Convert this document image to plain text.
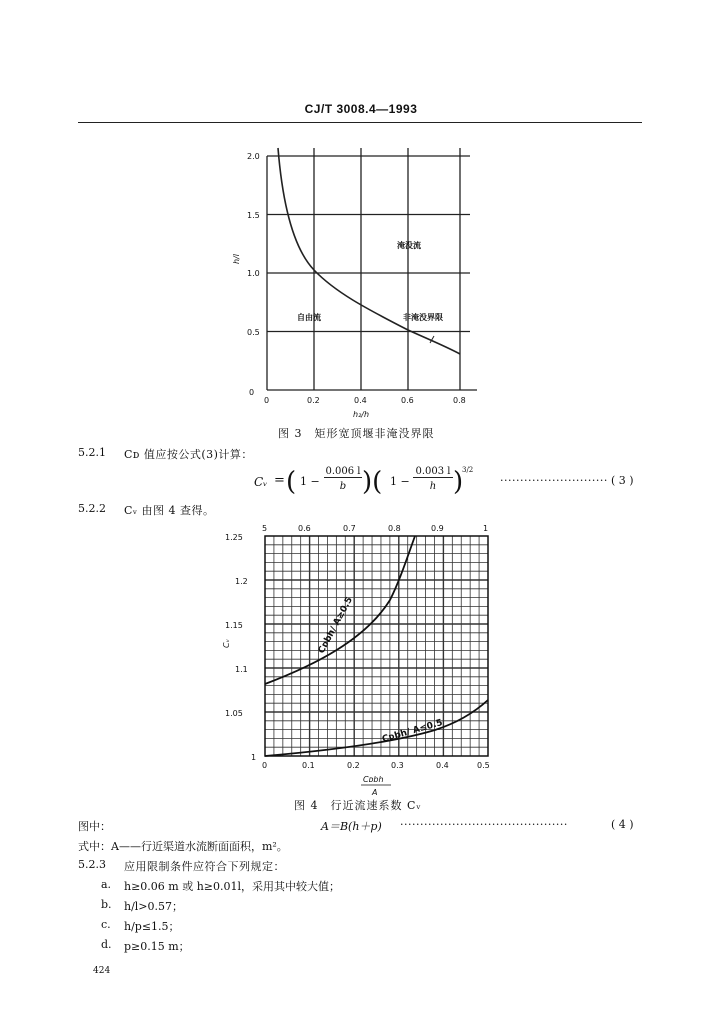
CJ/T 3008.4—1993
2.0
1.5
1.0
0.5
0
0	0.2	0.4	0.6	0.8
h₂/h
h/l
淹没流
自由流	非淹没界限
图 3　矩形宽顶堰非淹没界限
5.2.1 Cᴅ 值应按公式(3)计算：
Cᵥ = ( 1 −
0.006 l
b )( 1 −
0.003 l
h )
3/2
··························· ( 3 )
5.2.2 Cᵥ 由图 4 查得。
1.25
1.2
1.15
1.1
1.05
1
Cᵥ
5	0.6	0.7	0.8	0.9	1
0	0.1	0.2	0.3	0.4	0.5
Cᴅbh
A
Cᴅbh/ A≥0.5
Cᴅbh/ A≤0.5
图 4　行近流速系数 Cᵥ
图中：	A＝B(h＋p) ··········································	( 4 )
式中：A——行近渠道水流断面面积，m²。
5.2.3 应用限制条件应符合下列规定：
a. h≥0.06 m 或 h≥0.01l，采用其中较大值；
b. h/l>0.57；
c. h/p≤1.5；
d. p≥0.15 m；
424
